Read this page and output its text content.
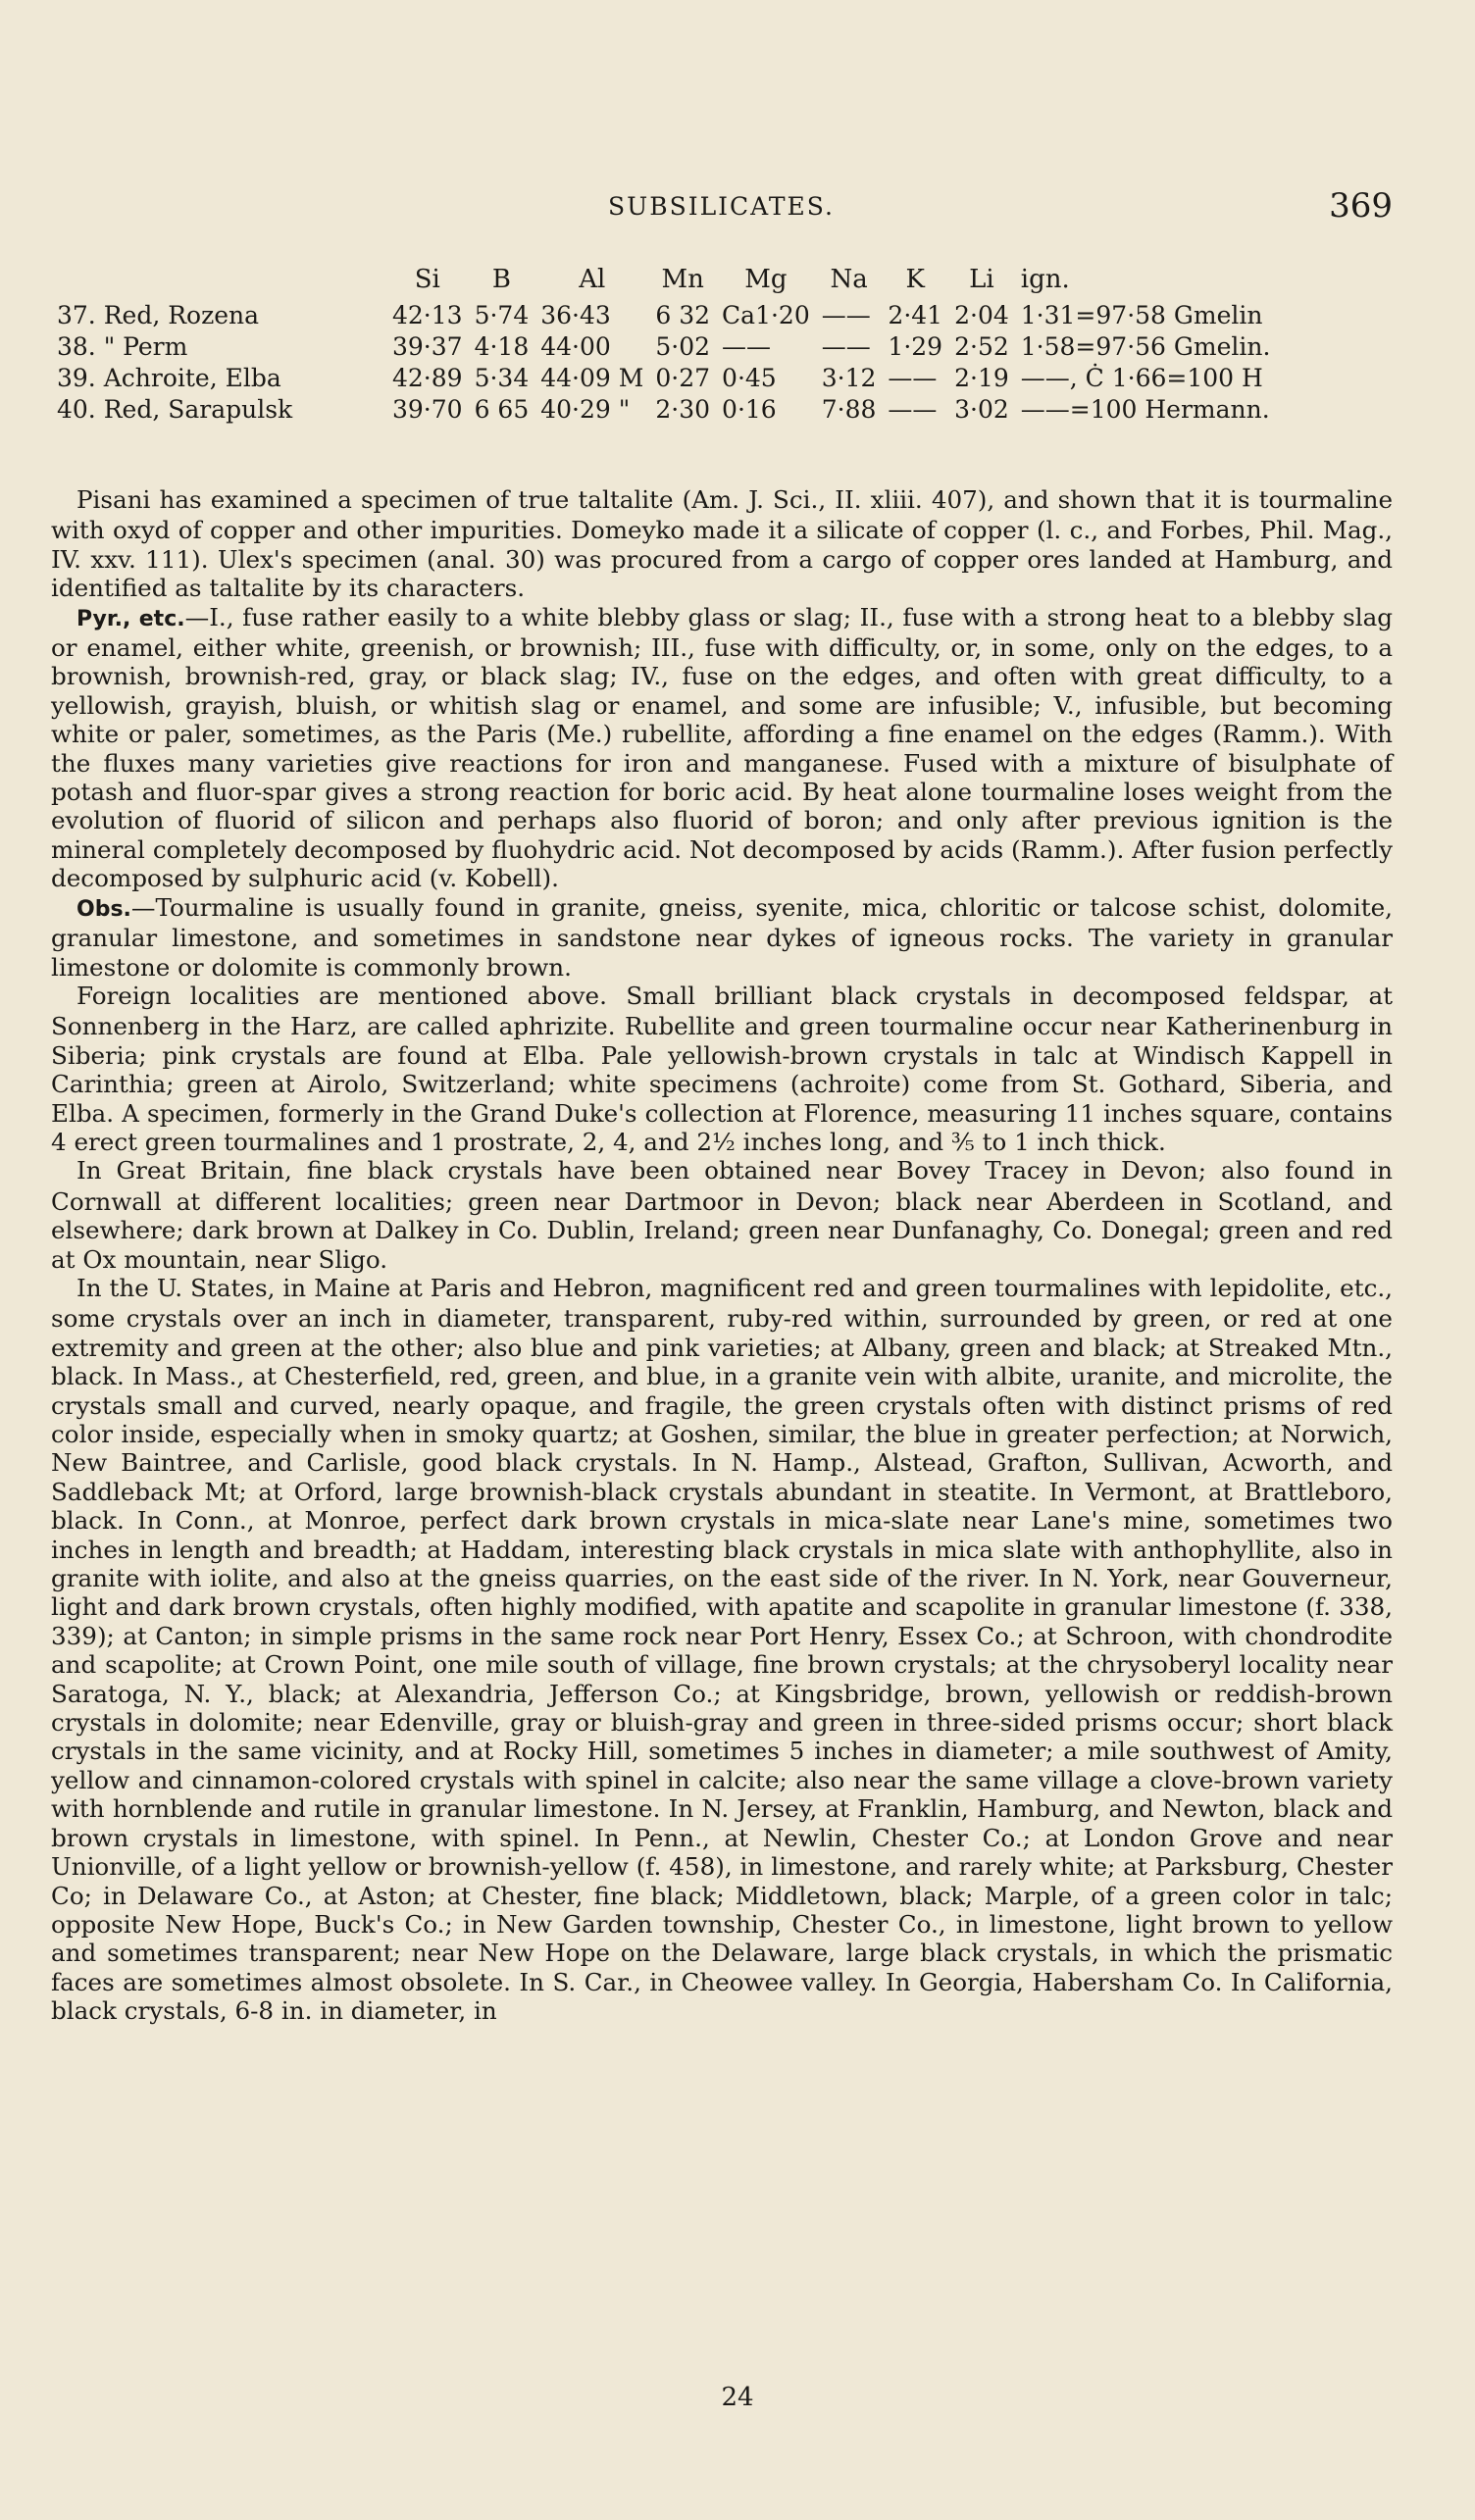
SUBSILICATES.	369
	Si	B	Al	Mn	Mg	Na	K	Li	ign.
37. Red, Rozena	42·13	5·74	36·43	6 32	Ca1·20	——	2·41	2·04	1·31=97·58 Gmelin
38. " Perm	39·37	4·18	44·00	5·02	——	——	1·29	2·52	1·58=97·56 Gmelin.
39. Achroite, Elba	42·89	5·34	44·09 M	0·27	0·45	3·12	——	2·19	——, Ċ 1·66=100 H
40. Red, Sarapulsk	39·70	6 65	40·29 "	2·30	0·16	7·88	——	3·02	——=100 Hermann.

Pisani has examined a specimen of true taltalite (Am. J. Sci., II. xliii. 407), and shown that it is tourmaline with oxyd of copper and other impurities. Domeyko made it a silicate of copper (l. c., and Forbes, Phil. Mag., IV. xxv. 111). Ulex's specimen (anal. 30) was procured from a cargo of copper ores landed at Hamburg, and identified as taltalite by its characters.

Pyr., etc.—I., fuse rather easily to a white blebby glass or slag; II., fuse with a strong heat to a blebby slag or enamel, either white, greenish, or brownish; III., fuse with difficulty, or, in some, only on the edges, to a brownish, brownish-red, gray, or black slag; IV., fuse on the edges, and often with great difficulty, to a yellowish, grayish, bluish, or whitish slag or enamel, and some are infusible; V., infusible, but becoming white or paler, sometimes, as the Paris (Me.) rubellite, affording a fine enamel on the edges (Ramm.). With the fluxes many varieties give reactions for iron and manganese. Fused with a mixture of bisulphate of potash and fluor-spar gives a strong reaction for boric acid. By heat alone tourmaline loses weight from the evolution of fluorid of silicon and perhaps also fluorid of boron; and only after previous ignition is the mineral completely decomposed by fluohydric acid. Not decomposed by acids (Ramm.). After fusion perfectly decomposed by sulphuric acid (v. Kobell).

Obs.—Tourmaline is usually found in granite, gneiss, syenite, mica, chloritic or talcose schist, dolomite, granular limestone, and sometimes in sandstone near dykes of igneous rocks. The variety in granular limestone or dolomite is commonly brown.

Foreign localities are mentioned above. Small brilliant black crystals in decomposed feldspar, at Sonnenberg in the Harz, are called aphrizite. Rubellite and green tourmaline occur near Katherinenburg in Siberia; pink crystals are found at Elba. Pale yellowish-brown crystals in talc at Windisch Kappell in Carinthia; green at Airolo, Switzerland; white specimens (achroite) come from St. Gothard, Siberia, and Elba. A specimen, formerly in the Grand Duke's collection at Florence, measuring 11 inches square, contains 4 erect green tourmalines and 1 prostrate, 2, 4, and 2½ inches long, and ⅗ to 1 inch thick.

In Great Britain, fine black crystals have been obtained near Bovey Tracey in Devon; also found in Cornwall at different localities; green near Dartmoor in Devon; black near Aberdeen in Scotland, and elsewhere; dark brown at Dalkey in Co. Dublin, Ireland; green near Dunfanaghy, Co. Donegal; green and red at Ox mountain, near Sligo.

In the U. States, in Maine at Paris and Hebron, magnificent red and green tourmalines with lepidolite, etc., some crystals over an inch in diameter, transparent, ruby-red within, surrounded by green, or red at one extremity and green at the other; also blue and pink varieties; at Albany, green and black; at Streaked Mtn., black. In Mass., at Chesterfield, red, green, and blue, in a granite vein with albite, uranite, and microlite, the crystals small and curved, nearly opaque, and fragile, the green crystals often with distinct prisms of red color inside, especially when in smoky quartz; at Goshen, similar, the blue in greater perfection; at Norwich, New Baintree, and Carlisle, good black crystals. In N. Hamp., Alstead, Grafton, Sullivan, Acworth, and Saddleback Mt; at Orford, large brownish-black crystals abundant in steatite. In Vermont, at Brattleboro, black. In Conn., at Monroe, perfect dark brown crystals in mica-slate near Lane's mine, sometimes two inches in length and breadth; at Haddam, interesting black crystals in mica slate with anthophyllite, also in granite with iolite, and also at the gneiss quarries, on the east side of the river. In N. York, near Gouverneur, light and dark brown crystals, often highly modified, with apatite and scapolite in granular limestone (f. 338, 339); at Canton; in simple prisms in the same rock near Port Henry, Essex Co.; at Schroon, with chondrodite and scapolite; at Crown Point, one mile south of village, fine brown crystals; at the chrysoberyl locality near Saratoga, N. Y., black; at Alexandria, Jefferson Co.; at Kingsbridge, brown, yellowish or reddish-brown crystals in dolomite; near Edenville, gray or bluish-gray and green in three-sided prisms occur; short black crystals in the same vicinity, and at Rocky Hill, sometimes 5 inches in diameter; a mile southwest of Amity, yellow and cinnamon-colored crystals with spinel in calcite; also near the same village a clove-brown variety with hornblende and rutile in granular limestone. In N. Jersey, at Franklin, Hamburg, and Newton, black and brown crystals in limestone, with spinel. In Penn., at Newlin, Chester Co.; at London Grove and near Unionville, of a light yellow or brownish-yellow (f. 458), in limestone, and rarely white; at Parksburg, Chester Co; in Delaware Co., at Aston; at Chester, fine black; Middletown, black; Marple, of a green color in talc; opposite New Hope, Buck's Co.; in New Garden township, Chester Co., in limestone, light brown to yellow and sometimes transparent; near New Hope on the Delaware, large black crystals, in which the prismatic faces are sometimes almost obsolete. In S. Car., in Cheowee valley. In Georgia, Habersham Co. In California, black crystals, 6-8 in. in diameter, in

24
